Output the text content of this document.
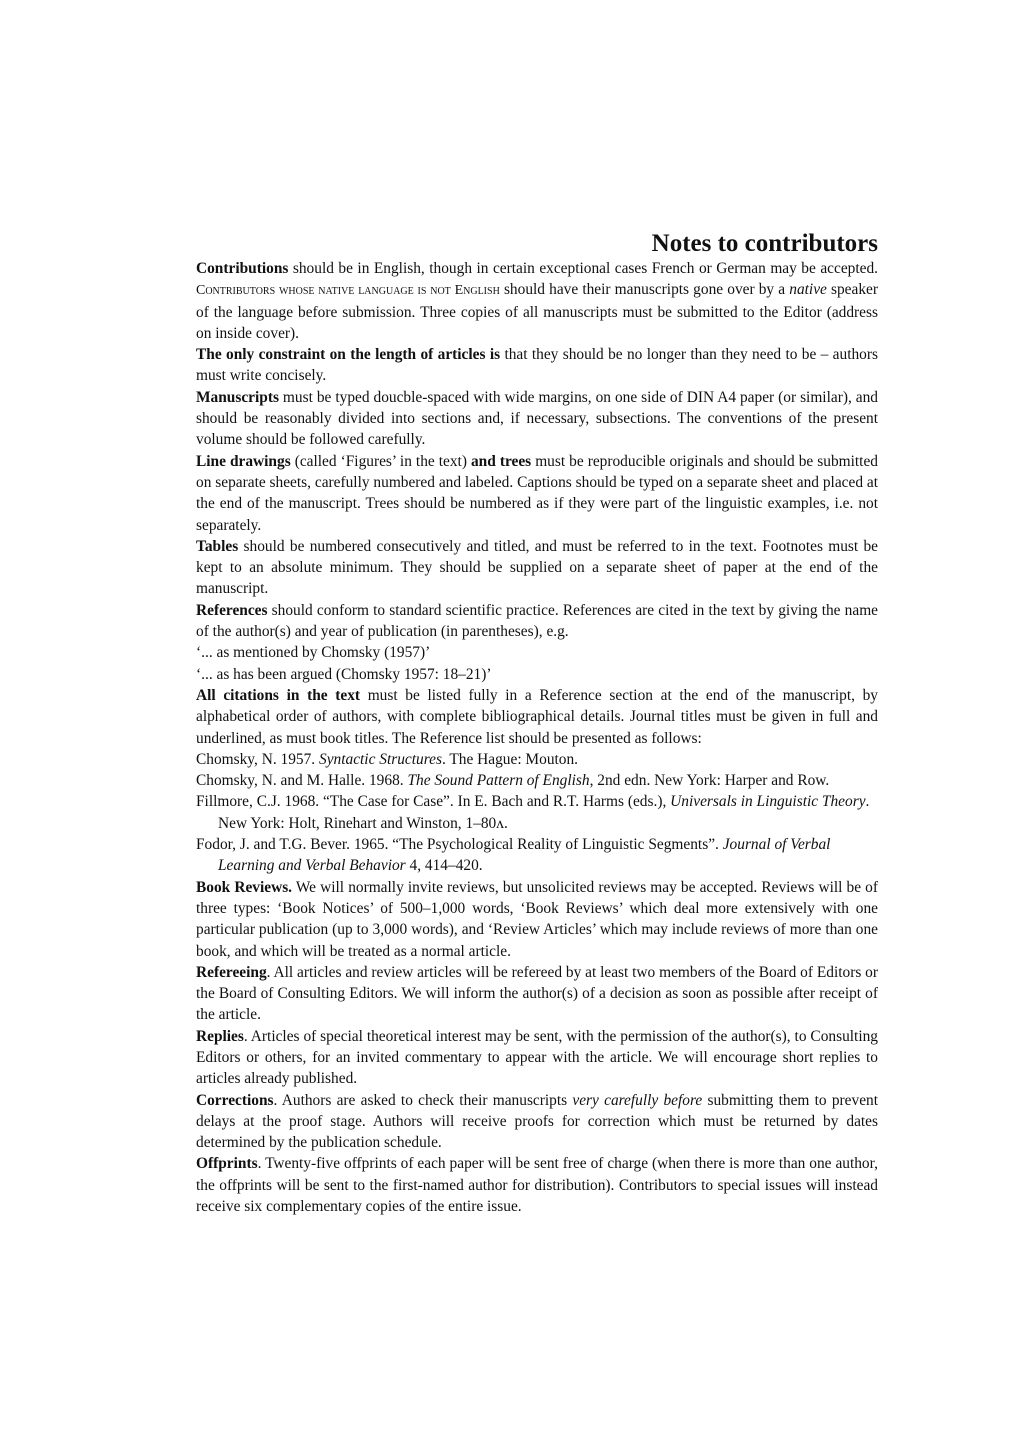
Notes to contributors

Contributions should be in English, though in certain exceptional cases French or German may be accepted. Contributors whose native language is not English should have their manuscripts gone over by a native speaker of the language before submission. Three copies of all manuscripts must be submitted to the Editor (address on inside cover).

The only constraint on the length of articles is that they should be no longer than they need to be – authors must write concisely.

Manuscripts must be typed doucble-spaced with wide margins, on one side of DIN A4 paper (or similar), and should be reasonably divided into sections and, if necessary, subsections. The conventions of the present volume should be followed carefully.

Line drawings (called ‘Figures’ in the text) and trees must be reproducible originals and should be submitted on separate sheets, carefully numbered and labeled. Captions should be typed on a separate sheet and placed at the end of the manuscript. Trees should be numbered as if they were part of the linguistic examples, i.e. not separately.

Tables should be numbered consecutively and titled, and must be referred to in the text. Footnotes must be kept to an absolute minimum. They should be supplied on a separate sheet of paper at the end of the manuscript.

References should conform to standard scientific practice. References are cited in the text by giving the name of the author(s) and year of publication (in parentheses), e.g.

‘... as mentioned by Chomsky (1957)’

‘... as has been argued (Chomsky 1957: 18–21)’

All citations in the text must be listed fully in a Reference section at the end of the manuscript, by alphabetical order of authors, with complete bibliographical details. Journal titles must be given in full and underlined, as must book titles. The Reference list should be presented as follows:

Chomsky, N. 1957. Syntactic Structures. The Hague: Mouton.

Chomsky, N. and M. Halle. 1968. The Sound Pattern of English, 2nd edn. New York: Harper and Row.

Fillmore, C.J. 1968. “The Case for Case”. In E. Bach and R.T. Harms (eds.), Universals in Linguistic Theory. New York: Holt, Rinehart and Winston, 1–80ᴧ.

Fodor, J. and T.G. Bever. 1965. “The Psychological Reality of Linguistic Segments”. Journal of Verbal Learning and Verbal Behavior 4, 414–420.

Book Reviews. We will normally invite reviews, but unsolicited reviews may be accepted. Reviews will be of three types: ‘Book Notices’ of 500–1,000 words, ‘Book Reviews’ which deal more extensively with one particular publication (up to 3,000 words), and ‘Review Articles’ which may include reviews of more than one book, and which will be treated as a normal article.

Refereeing. All articles and review articles will be refereed by at least two members of the Board of Editors or the Board of Consulting Editors. We will inform the author(s) of a decision as soon as possible after receipt of the article.

Replies. Articles of special theoretical interest may be sent, with the permission of the author(s), to Consulting Editors or others, for an invited commentary to appear with the article. We will encourage short replies to articles already published.

Corrections. Authors are asked to check their manuscripts very carefully before submitting them to prevent delays at the proof stage. Authors will receive proofs for correction which must be returned by dates determined by the publication schedule.

Offprints. Twenty-five offprints of each paper will be sent free of charge (when there is more than one author, the offprints will be sent to the first-named author for distribution). Contributors to special issues will instead receive six complementary copies of the entire issue.
